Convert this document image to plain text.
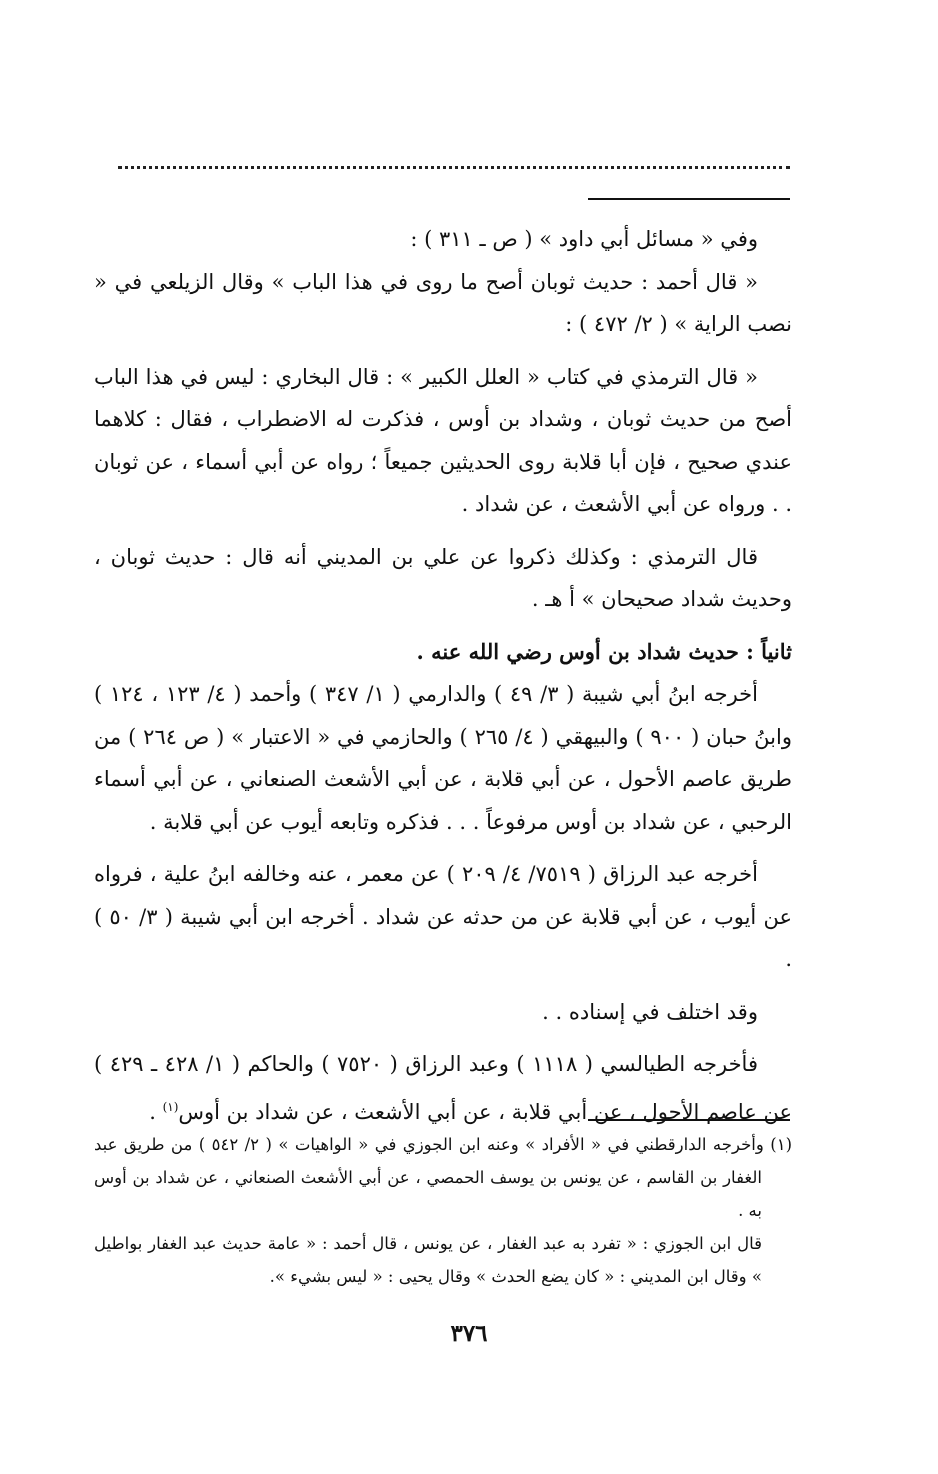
وفي « مسائل أبي داود » ( ص ـ ٣١١ ) :

« قال أحمد : حديث ثوبان أصح ما روى في هذا الباب » وقال الزيلعي في « نصب الراية » ( ٢/ ٤٧٢ ) :

« قال الترمذي في كتاب « العلل الكبير » : قال البخاري : ليس في هذا الباب أصح من حديث ثوبان ، وشداد بن أوس ، فذكرت له الاضطراب ، فقال : كلاهما عندي صحيح ، فإن أبا قلابة روى الحديثين جميعاً ؛ رواه عن أبي أسماء ، عن ثوبان . . ورواه عن أبي الأشعث ، عن شداد .

قال الترمذي : وكذلك ذكروا عن علي بن المديني أنه قال : حديث ثوبان ، وحديث شداد صحيحان » أ هـ .

ثانياً : حديث شداد بن أوس رضي الله عنه .

أخرجه ابنُ أبي شيبة ( ٣/ ٤٩ ) والدارمي ( ١/ ٣٤٧ ) وأحمد ( ٤/ ١٢٣ ، ١٢٤ ) وابنُ حبان ( ٩٠٠ ) والبيهقي ( ٤/ ٢٦٥ ) والحازمي في « الاعتبار » ( ص ٢٦٤ ) من طريق عاصم الأحول ، عن أبي قلابة ، عن أبي الأشعث الصنعاني ، عن أبي أسماء الرحبي ، عن شداد بن أوس مرفوعاً . . . فذكره وتابعه أيوب عن أبي قلابة .

أخرجه عبد الرزاق ( ٧٥١٩/ ٤/ ٢٠٩ ) عن معمر ، عنه وخالفه ابنُ علية ، فرواه عن أيوب ، عن أبي قلابة عن من حدثه عن شداد . أخرجه ابن أبي شيبة ( ٣/ ٥٠ ) .

وقد اختلف في إسناده . .

فأخرجه الطيالسي ( ١١١٨ ) وعبد الرزاق ( ٧٥٢٠ ) والحاكم ( ١/ ٤٢٨ ـ ٤٢٩ ) عن عاصم الأحول ، عن أبي قلابة ، عن أبي الأشعث ، عن شداد بن أوس$^{(١)}$ .

(١) وأخرجه الدارقطني في « الأفراد » وعنه ابن الجوزي في « الواهيات » ( ٢/ ٥٤٢ ) من طريق عبد الغفار بن القاسم ، عن يونس بن يوسف الحمصي ، عن أبي الأشعث الصنعاني ، عن شداد بن أوس به .

قال ابن الجوزي : « تفرد به عبد الغفار ، عن يونس ، قال أحمد : « عامة حديث عبد الغفار بواطيل » وقال ابن المديني : « كان يضع الحدث » وقال يحيى : « ليس بشيء ».

٣٧٦
